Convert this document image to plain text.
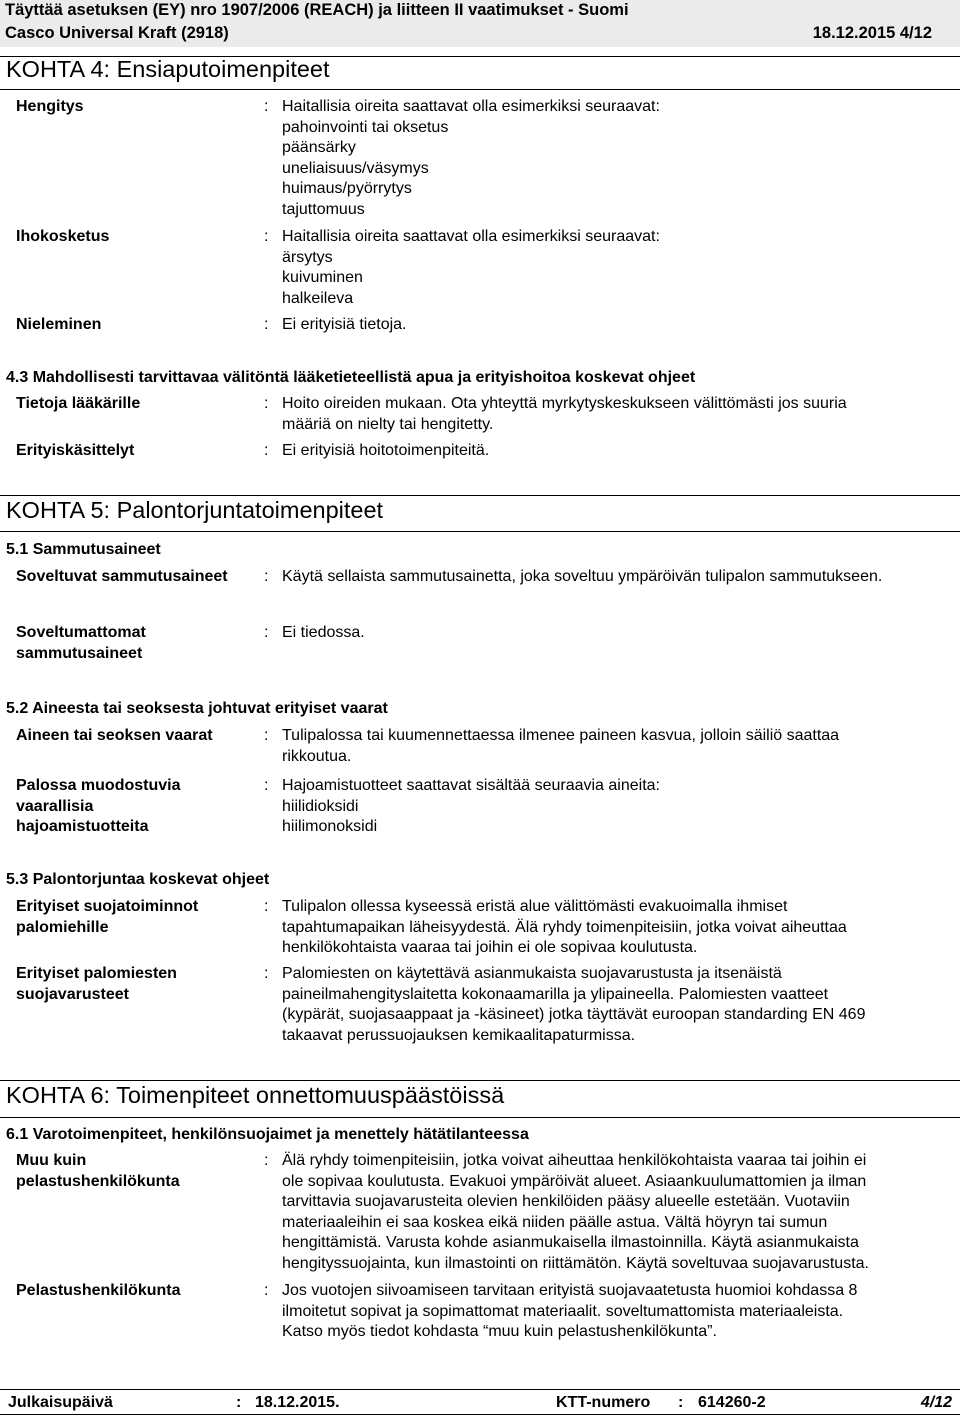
Täyttää asetuksen (EY) nro 1907/2006 (REACH) ja liitteen II vaatimukset - Suomi
Casco Universal Kraft (2918)	18.12.2015 4/12
KOHTA 4: Ensiaputoimenpiteet
Hengitys	: Haitallisia oireita saattavat olla esimerkiksi seuraavat:
pahoinvointi tai oksetus
päänsärky
uneliaisuus/väsymys
huimaus/pyörrytys
tajuttomuus
Ihokosketus	: Haitallisia oireita saattavat olla esimerkiksi seuraavat:
ärsytys
kuivuminen
halkeileva
Nieleminen	: Ei erityisiä tietoja.
4.3 Mahdollisesti tarvittavaa välitöntä lääketieteellistä apua ja erityishoitoa koskevat ohjeet
Tietoja lääkärille	: Hoito oireiden mukaan. Ota yhteyttä myrkytyskeskukseen välittömästi jos suuria
määriä on nielty tai hengitetty.
Erityiskäsittelyt	: Ei erityisiä hoitotoimenpiteitä.
KOHTA 5: Palontorjuntatoimenpiteet
5.1 Sammutusaineet
Soveltuvat sammutusaineet : Käytä sellaista sammutusainetta, joka soveltuu ympäröivän tulipalon sammutukseen.
Soveltumattomat
sammutusaineet
: Ei tiedossa.
5.2 Aineesta tai seoksesta johtuvat erityiset vaarat
Aineen tai seoksen vaarat	: Tulipalossa tai kuumennettaessa ilmenee paineen kasvua, jolloin säiliö saattaa
rikkoutua.
Palossa muodostuvia
vaarallisia
hajoamistuotteita
: Hajoamistuotteet saattavat sisältää seuraavia aineita:
hiilidioksidi
hiilimonoksidi
5.3 Palontorjuntaa koskevat ohjeet
Erityiset suojatoiminnot
palomiehille
: Tulipalon ollessa kyseessä eristä alue välittömästi evakuoimalla ihmiset
tapahtumapaikan läheisyydestä. Älä ryhdy toimenpiteisiin, jotka voivat aiheuttaa
henkilökohtaista vaaraa tai joihin ei ole sopivaa koulutusta.
Erityiset palomiesten
suojavarusteet
: Palomiesten on käytettävä asianmukaista suojavarustusta ja itsenäistä
paineilmahengityslaitetta kokonaamarilla ja ylipaineella. Palomiesten vaatteet
(kypärät, suojasaappaat ja -käsineet) jotka täyttävät euroopan standarding EN 469
takaavat perussuojauksen kemikaalitapaturmissa.
KOHTA 6: Toimenpiteet onnettomuuspäästöissä
6.1 Varotoimenpiteet, henkilönsuojaimet ja menettely hätätilanteessa
Muu kuin
pelastushenkilökunta
: Älä ryhdy toimenpiteisiin, jotka voivat aiheuttaa henkilökohtaista vaaraa tai joihin ei
ole sopivaa koulutusta. Evakuoi ympäröivät alueet. Asiaankuulumattomien ja ilman
tarvittavia suojavarusteita olevien henkilöiden pääsy alueelle estetään. Vuotaviin
materiaaleihin ei saa koskea eikä niiden päälle astua. Vältä höyryn tai sumun
hengittämistä. Varusta kohde asianmukaisella ilmastoinnilla. Käytä asianmukaista
hengityssuojainta, kun ilmastointi on riittämätön. Käytä soveltuvaa suojavarustusta.
Pelastushenkilökunta	: Jos vuotojen siivoamiseen tarvitaan erityistä suojavaatetusta huomioi kohdassa 8
ilmoitetut sopivat ja sopimattomat materiaalit. soveltumattomista materiaaleista.
Katso myös tiedot kohdasta “muu kuin pelastushenkilökunta”.
Julkaisupäivä	: 18.12.2015.	KTT-numero : 614260-2	4/12
